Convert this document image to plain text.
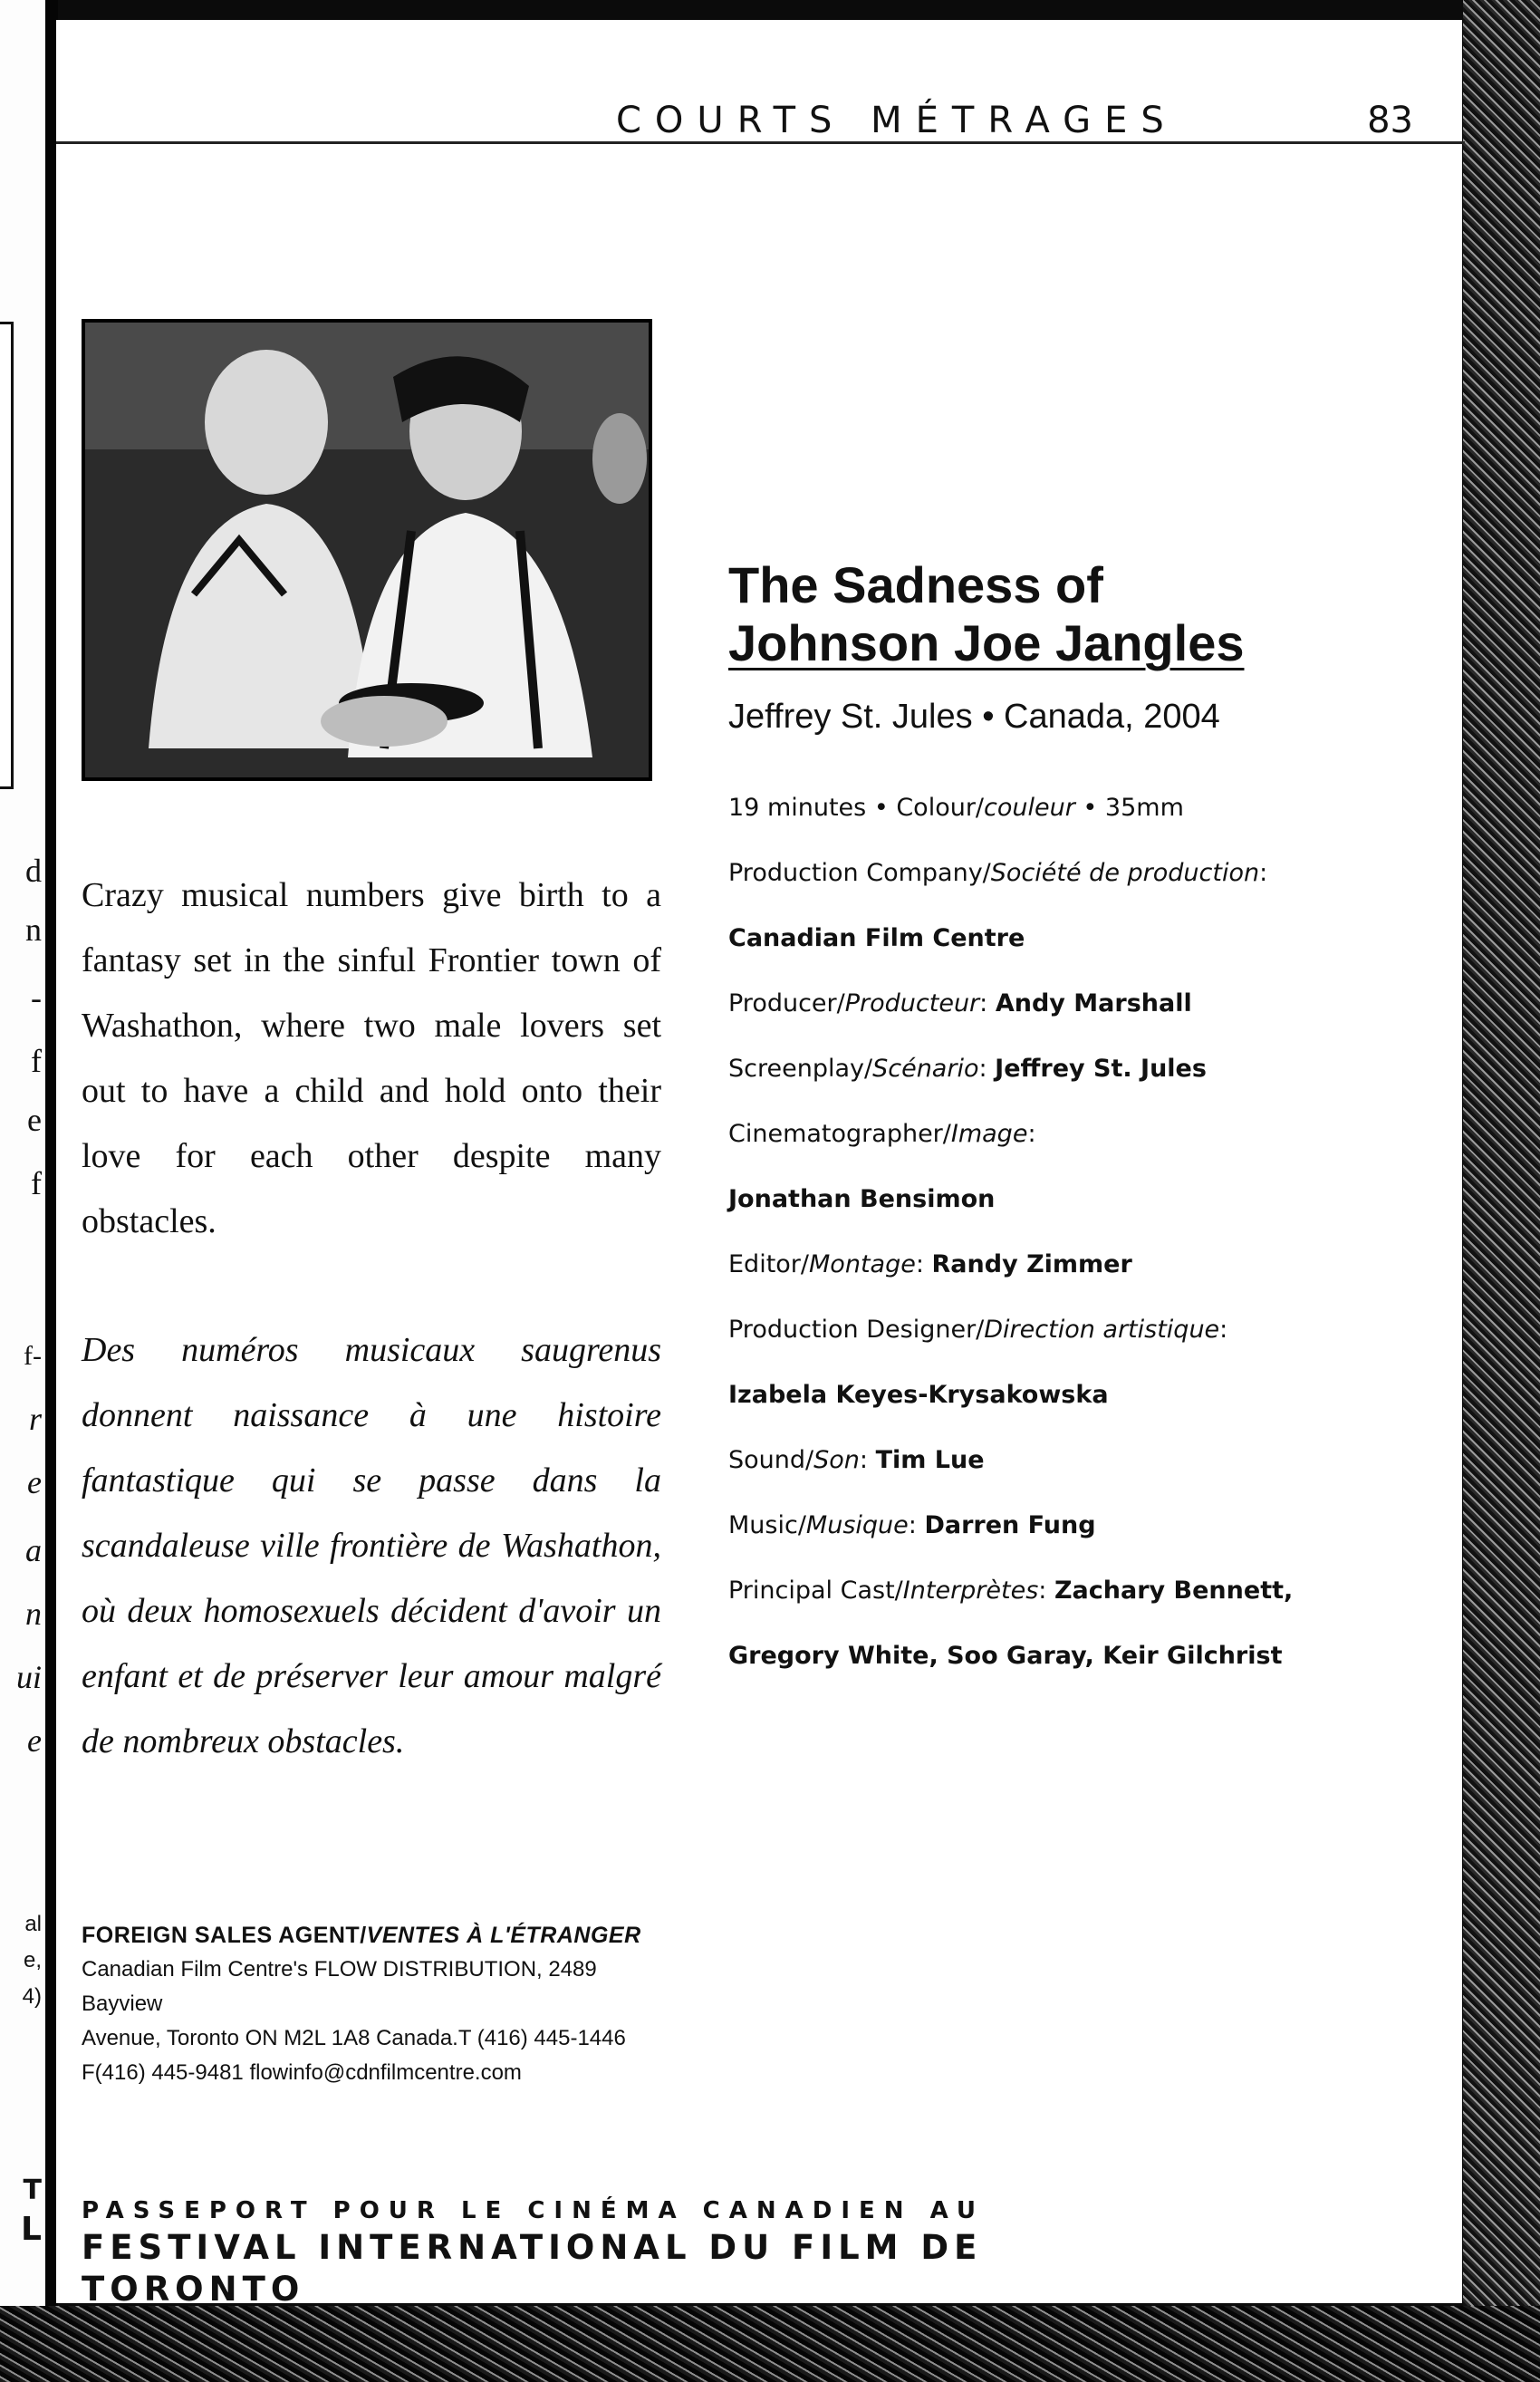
d
n
-
f
e
f
f-
r
e
a
n
ui
e
al
e,
4)
T
L
COURTS MÉTRAGES	83
The Sadness of
Johnson Joe Jangles
Jeffrey St. Jules • Canada, 2004
19 minutes • Colour/couleur • 35mm
Production Company/Société de production:
Canadian Film Centre
Producer/Producteur: Andy Marshall
Screenplay/Scénario: Jeffrey St. Jules
Cinematographer/Image:
Jonathan Bensimon
Editor/Montage: Randy Zimmer
Production Designer/Direction artistique:
Izabela Keyes-Krysakowska
Sound/Son: Tim Lue
Music/Musique: Darren Fung
Principal Cast/Interprètes: Zachary Bennett,
Gregory White, Soo Garay, Keir Gilchrist

Crazy musical numbers give birth to a fantasy set in the sinful Frontier town of Washathon, where two male lovers set out to have a child and hold onto their love for each other despite many obstacles.

Des numéros musicaux saugrenus donnent naissance à une histoire fantastique qui se passe dans la scandaleuse ville frontière de Washathon, où deux homosexuels décident d'avoir un enfant et de préserver leur amour malgré de nombreux obstacles.

FOREIGN SALES AGENT/VENTES À L'ÉTRANGER
Canadian Film Centre's FLOW DISTRIBUTION, 2489 Bayview
Avenue, Toronto ON M2L 1A8 Canada.T (416) 445-1446
F(416) 445-9481 flowinfo@cdnfilmcentre.com
PASSEPORT POUR LE CINÉMA CANADIEN AU
FESTIVAL INTERNATIONAL DU FILM DE TORONTO
